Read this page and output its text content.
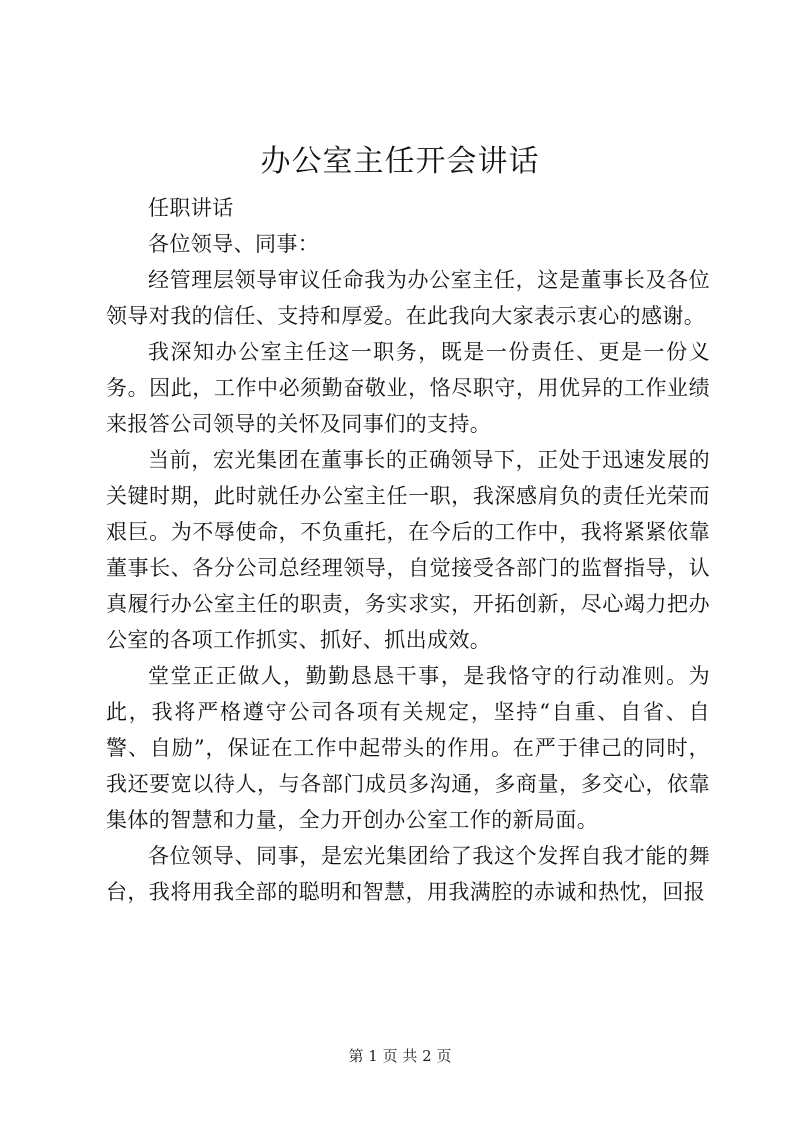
办公室主任开会讲话

任职讲话

各位领导、同事：

经管理层领导审议任命我为办公室主任，这是董事长及各位领导对我的信任、支持和厚爱。在此我向大家表示衷心的感谢。

我深知办公室主任这一职务，既是一份责任、更是一份义务。因此，工作中必须勤奋敬业，恪尽职守，用优异的工作业绩来报答公司领导的关怀及同事们的支持。

当前，宏光集团在董事长的正确领导下，正处于迅速发展的关键时期，此时就任办公室主任一职，我深感肩负的责任光荣而艰巨。为不辱使命，不负重托，在今后的工作中，我将紧紧依靠董事长、各分公司总经理领导，自觉接受各部门的监督指导，认真履行办公室主任的职责，务实求实，开拓创新，尽心竭力把办公室的各项工作抓实、抓好、抓出成效。

堂堂正正做人，勤勤恳恳干事，是我恪守的行动准则。为此，我将严格遵守公司各项有关规定，坚持“自重、自省、自警、自励”，保证在工作中起带头的作用。在严于律己的同时，我还要宽以待人，与各部门成员多沟通，多商量，多交心，依靠集体的智慧和力量，全力开创办公室工作的新局面。

各位领导、同事，是宏光集团给了我这个发挥自我才能的舞台，我将用我全部的聪明和智慧，用我满腔的赤诚和热忱，回报

第 1 页 共 2 页
